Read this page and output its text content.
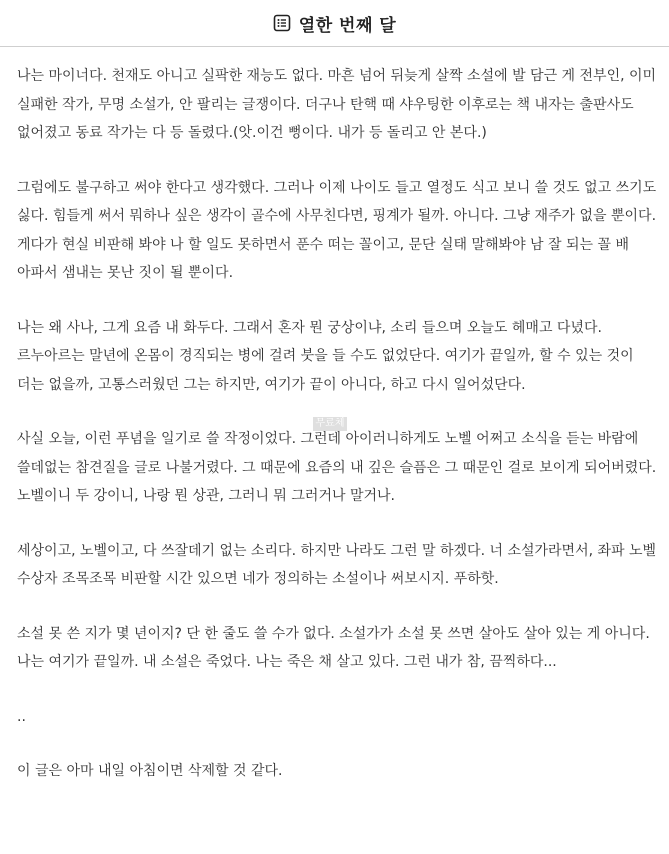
열한 번째 달

나는 마이너다. 천재도 아니고 실팍한 재능도 없다. 마흔 넘어 뒤늦게 살짝 소설에 발 담근 게 전부인, 이미 실패한 작가, 무명 소설가, 안 팔리는 글쟁이다. 더구나 탄핵 때 샤우팅한 이후로는 책 내자는 출판사도 없어졌고 동료 작가는 다 등 돌렸다.(앗.이건 뻥이다. 내가 등 돌리고 안 본다.)

그럼에도 불구하고 써야 한다고 생각했다. 그러나 이제 나이도 들고 열정도 식고 보니 쓸 것도 없고 쓰기도 싫다. 힘들게 써서 뭐하나 싶은 생각이 골수에 사무친다면, 핑계가 될까. 아니다. 그냥 재주가 없을 뿐이다. 게다가 현실 비판해 봐야 나 할 일도 못하면서 푼수 떠는 꼴이고, 문단 실태 말해봐야 남 잘 되는 꼴 배 아파서 샘내는 못난 짓이 될 뿐이다.

나는 왜 사나, 그게 요즘 내 화두다. 그래서 혼자 뭔 궁상이냐, 소리 들으며 오늘도 헤매고 다녔다. 르누아르는 말년에 온몸이 경직되는 병에 걸려 붓을 들 수도 없었단다. 여기가 끝일까, 할 수 있는 것이 더는 없을까, 고통스러웠던 그는 하지만, 여기가 끝이 아니다, 하고 다시 일어섰단다.

사실 오늘, 이런 푸념을 일기로 쓸 작정이었다. 그런데 아이러니하게도 노벨 어쩌고 소식을 듣는 바람에 쓸데없는 참견질을 글로 나불거렸다. 그 때문에 요즘의 내 깊은 슬픔은 그 때문인 걸로 보이게 되어버렸다. 노벨이니 두 강이니, 나랑 뭔 상관, 그러니 뭐 그러거나 말거나.

세상이고, 노벨이고, 다 쓰잘데기 없는 소리다. 하지만 나라도 그런 말 하겠다. 너 소설가라면서, 좌파 노벨 수상자 조목조목 비판할 시간 있으면 네가 정의하는 소설이나 써보시지. 푸하핫.

소설 못 쓴 지가 몇 년이지? 단 한 줄도 쓸 수가 없다. 소설가가 소설 못 쓰면 살아도 살아 있는 게 아니다. 나는 여기가 끝일까. 내 소설은 죽었다. 나는 죽은 채 살고 있다. 그런 내가 참, 끔찍하다...

..

이 글은 아마 내일 아침이면 삭제할 것 같다.

무료체
